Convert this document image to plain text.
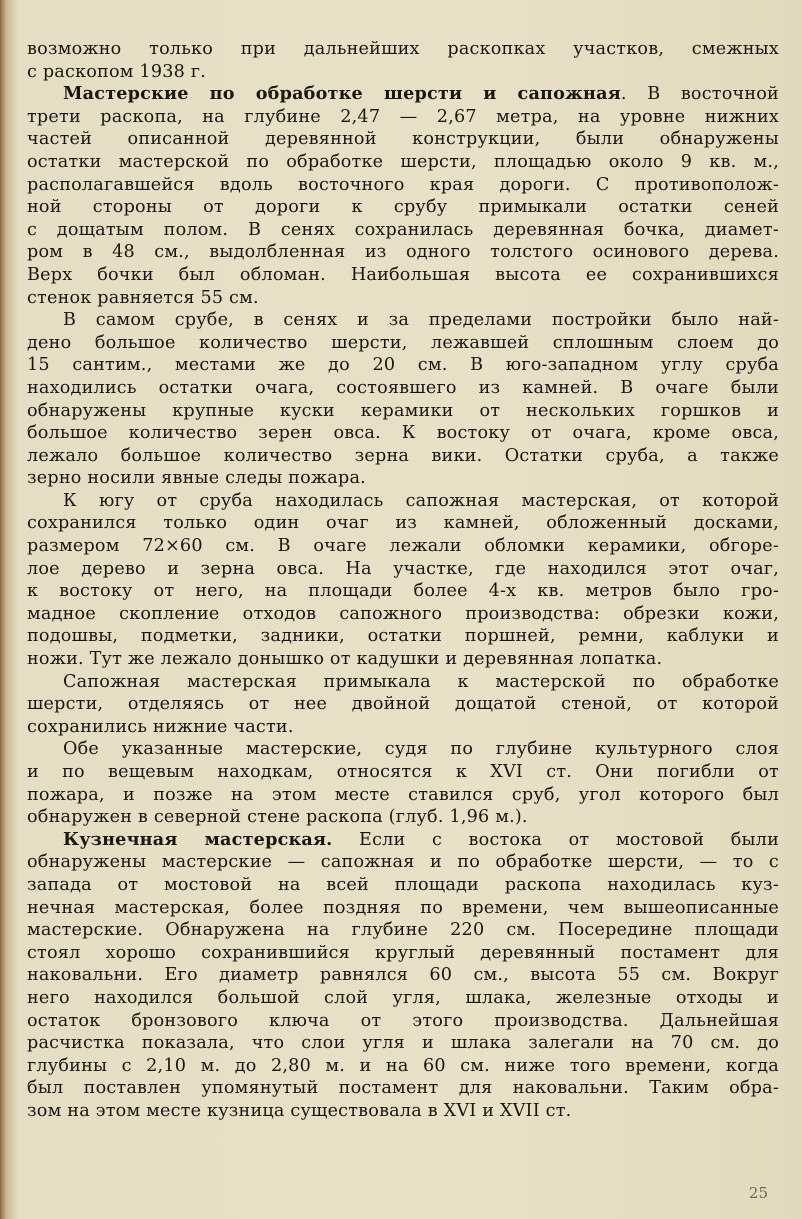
возможно только при дальнейших раскопках участков, смежных
с раскопом 1938 г.
Мастерские по обработке шерсти и сапожная. В восточной
трети раскопа, на глубине 2,47 — 2,67 метра, на уровне нижних
частей описанной деревянной конструкции, были обнаружены
остатки мастерской по обработке шерсти, площадью около 9 кв. м.,
располагавшейся вдоль восточного края дороги. С противополож-
ной стороны от дороги к срубу примыкали остатки сеней
с дощатым полом. В сенях сохранилась деревянная бочка, диамет-
ром в 48 см., выдолбленная из одного толстого осинового дерева.
Верх бочки был обломан. Наибольшая высота ее сохранившихся
стенок равняется 55 см.
В самом срубе, в сенях и за пределами постройки было най-
дено большое количество шерсти, лежавшей сплошным слоем до
15 сантим., местами же до 20 см. В юго-западном углу сруба
находились остатки очага, состоявшего из камней. В очаге были
обнаружены крупные куски керамики от нескольких горшков и
большое количество зерен овса. К востоку от очага, кроме овса,
лежало большое количество зерна вики. Остатки сруба, а также
зерно носили явные следы пожара.
К югу от сруба находилась сапожная мастерская, от которой
сохранился только один очаг из камней, обложенный досками,
размером 72×60 см. В очаге лежали обломки керамики, обгоре-
лое дерево и зерна овса. На участке, где находился этот очаг,
к востоку от него, на площади более 4-х кв. метров было гро-
мадное скопление отходов сапожного производства: обрезки кожи,
подошвы, подметки, задники, остатки поршней, ремни, каблуки и
ножи. Тут же лежало донышко от кадушки и деревянная лопатка.
Сапожная мастерская примыкала к мастерской по обработке
шерсти, отделяясь от нее двойной дощатой стеной, от которой
сохранились нижние части.
Обе указанные мастерские, судя по глубине культурного слоя
и по вещевым находкам, относятся к XVI ст. Они погибли от
пожара, и позже на этом месте ставился сруб, угол которого был
обнаружен в северной стене раскопа (глуб. 1,96 м.).
Кузнечная мастерская. Если с востока от мостовой были
обнаружены мастерские — сапожная и по обработке шерсти, — то с
запада от мостовой на всей площади раскопа находилась куз-
нечная мастерская, более поздняя по времени, чем вышеописанные
мастерские. Обнаружена на глубине 220 см. Посередине площади
стоял хорошо сохранившийся круглый деревянный постамент для
наковальни. Его диаметр равнялся 60 см., высота 55 см. Вокруг
него находился большой слой угля, шлака, железные отходы и
остаток бронзового ключа от этого производства. Дальнейшая
расчистка показала, что слои угля и шлака залегали на 70 см. до
глубины с 2,10 м. до 2,80 м. и на 60 см. ниже того времени, когда
был поставлен упомянутый постамент для наковальни. Таким обра-
зом на этом месте кузница существовала в XVI и XVII ст.
25
